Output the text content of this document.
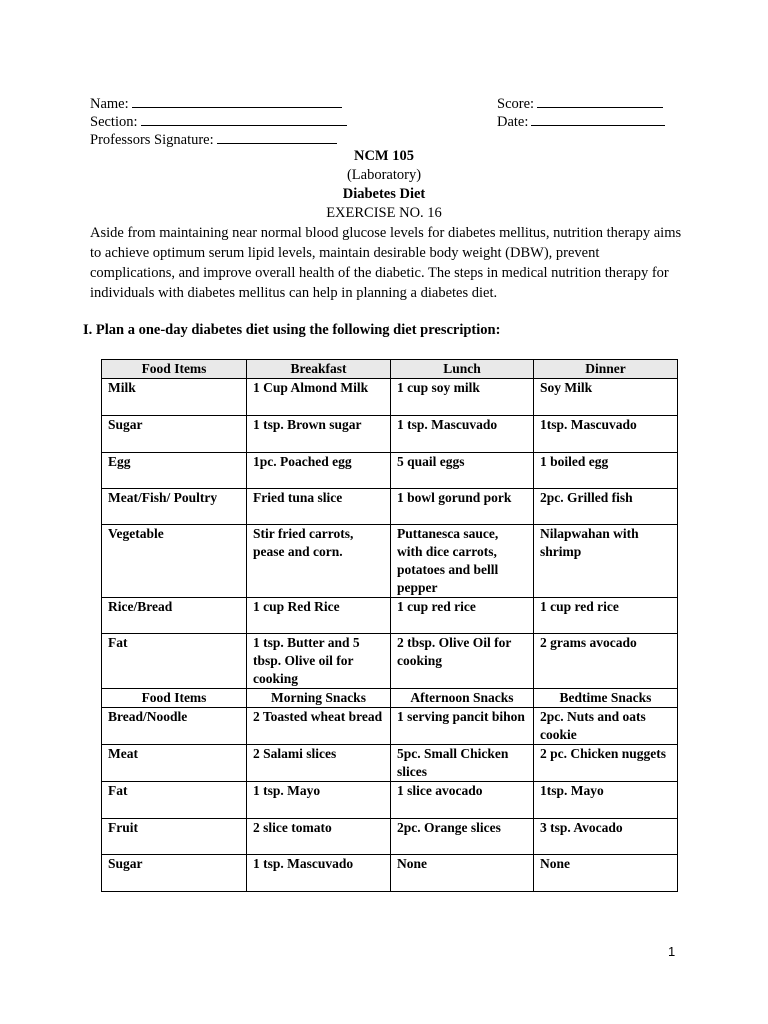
Name:
Section:
Professors Signature:
Score:
Date:
NCM 105
(Laboratory)
Diabetes Diet
EXERCISE NO. 16
Aside from maintaining near normal blood glucose levels for diabetes mellitus, nutrition therapy aims to achieve optimum serum lipid levels, maintain desirable body weight (DBW), prevent complications, and improve overall health of the diabetic. The steps in medical nutrition therapy for individuals with diabetes mellitus can help in planning a diabetes diet.
I. Plan a one-day diabetes diet using the following diet prescription:
Food Items	Breakfast	Lunch	Dinner
Milk	1 Cup Almond Milk	1 cup soy milk	Soy Milk
Sugar	1 tsp. Brown sugar	1 tsp. Mascuvado	1tsp. Mascuvado
Egg	1pc. Poached egg	5 quail eggs	1 boiled egg
Meat/Fish/ Poultry	Fried tuna slice	1 bowl gorund pork	2pc. Grilled fish
Vegetable	Stir fried carrots, pease and corn.	Puttanesca sauce, with dice carrots, potatoes and belll pepper	Nilapwahan with shrimp
Rice/Bread	1 cup Red Rice	1 cup red rice	1 cup red rice
Fat	1 tsp. Butter and 5 tbsp. Olive oil for cooking	2 tbsp. Olive Oil for cooking	2 grams avocado
Food Items	Morning Snacks	Afternoon Snacks	Bedtime Snacks
Bread/Noodle	2 Toasted wheat bread	1 serving pancit bihon	2pc. Nuts and oats cookie
Meat	2 Salami slices	5pc. Small Chicken slices	2 pc. Chicken nuggets
Fat	1 tsp. Mayo	1 slice avocado	1tsp. Mayo
Fruit	2 slice tomato	2pc. Orange slices	3 tsp. Avocado
Sugar	1 tsp. Mascuvado	None	None
1
